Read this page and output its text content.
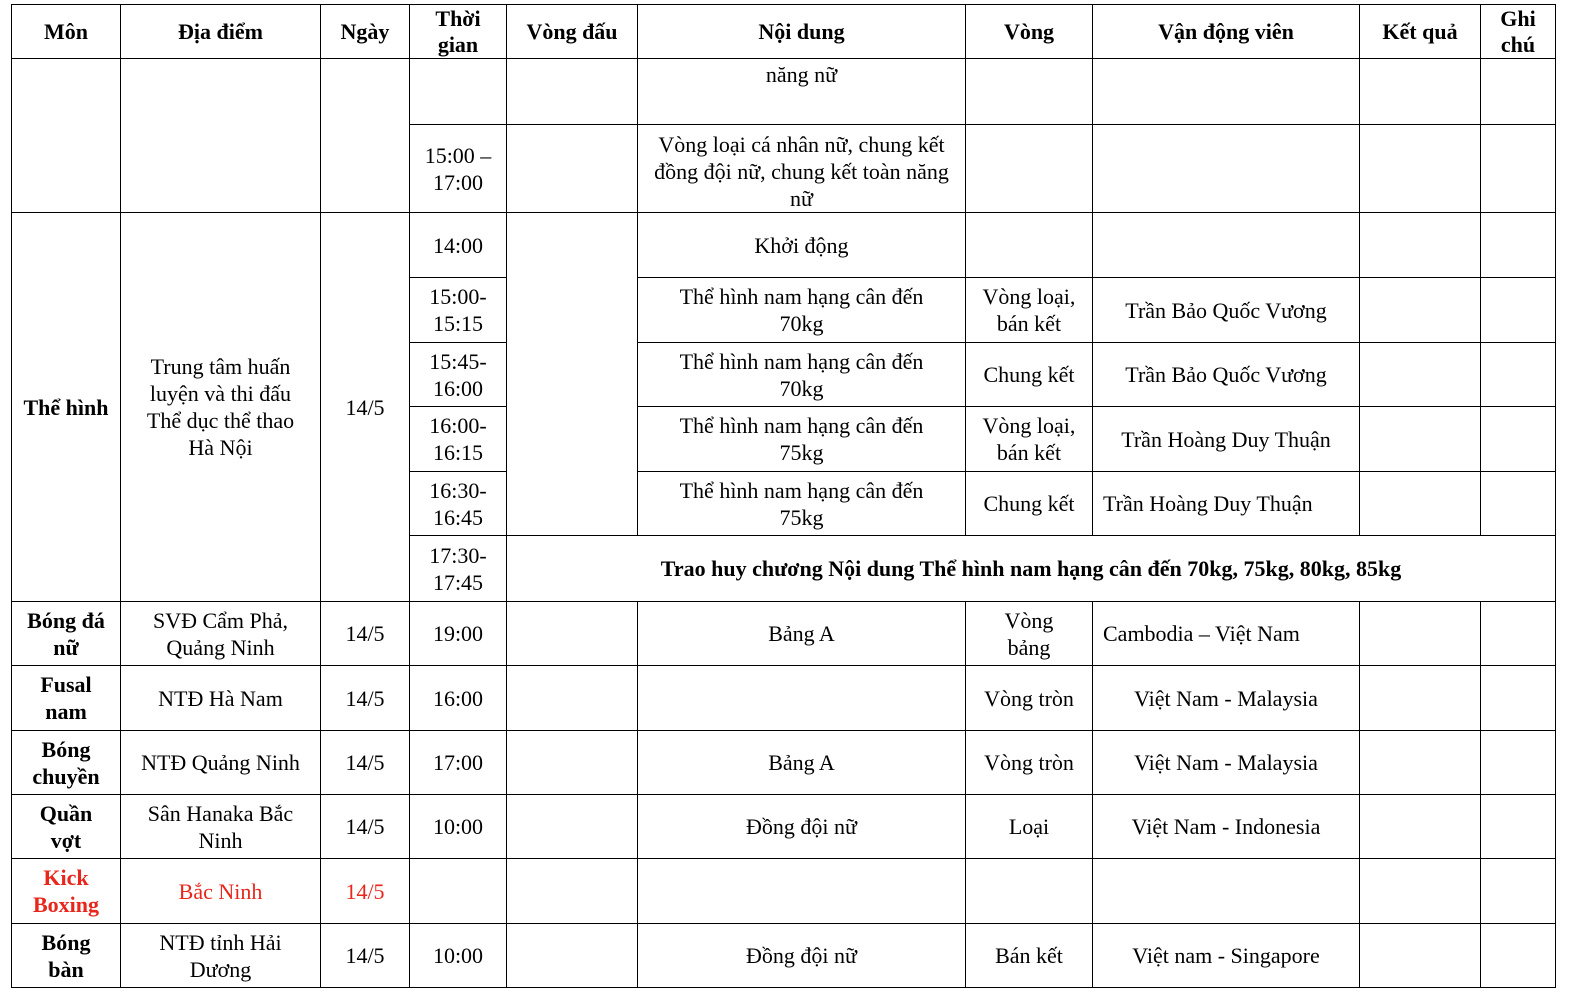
Môn	Địa điểm	Ngày	Thời gian	Vòng đấu	Nội dung	Vòng	Vận động viên	Kết quả	Ghi chú
					năng nữ				
			15:00 – 17:00		Vòng loại cá nhân nữ, chung kết đồng đội nữ, chung kết toàn năng nữ				
Thể hình	Trung tâm huấn luyện và thi đấu Thể dục thể thao Hà Nội	14/5	14:00		Khởi động				
			15:00- 15:15		Thể hình nam hạng cân đến 70kg	Vòng loại, bán kết	Trần Bảo Quốc Vương		
			15:45- 16:00		Thể hình nam hạng cân đến 70kg	Chung kết	Trần Bảo Quốc Vương		
			16:00- 16:15		Thể hình nam hạng cân đến 75kg	Vòng loại, bán kết	Trần Hoàng Duy Thuận		
			16:30- 16:45		Thể hình nam hạng cân đến 75kg	Chung kết	Trần Hoàng Duy Thuận		
			17:30- 17:45	Trao huy chương Nội dung Thể hình nam hạng cân đến 70kg, 75kg, 80kg, 85kg					
Bóng đá nữ	SVĐ Cẩm Phả, Quảng Ninh	14/5	19:00		Bảng A	Vòng bảng	Cambodia – Việt Nam		
Fusal nam	NTĐ Hà Nam	14/5	16:00			Vòng tròn	Việt Nam - Malaysia		
Bóng chuyền	NTĐ Quảng Ninh	14/5	17:00		Bảng A	Vòng tròn	Việt Nam - Malaysia		
Quần vợt	Sân Hanaka Bắc Ninh	14/5	10:00		Đồng đội nữ	Loại	Việt Nam - Indonesia		
Kick Boxing	Bắc Ninh	14/5							
Bóng bàn	NTĐ tỉnh Hải Dương	14/5	10:00		Đồng đội nữ	Bán kết	Việt nam - Singapore		
